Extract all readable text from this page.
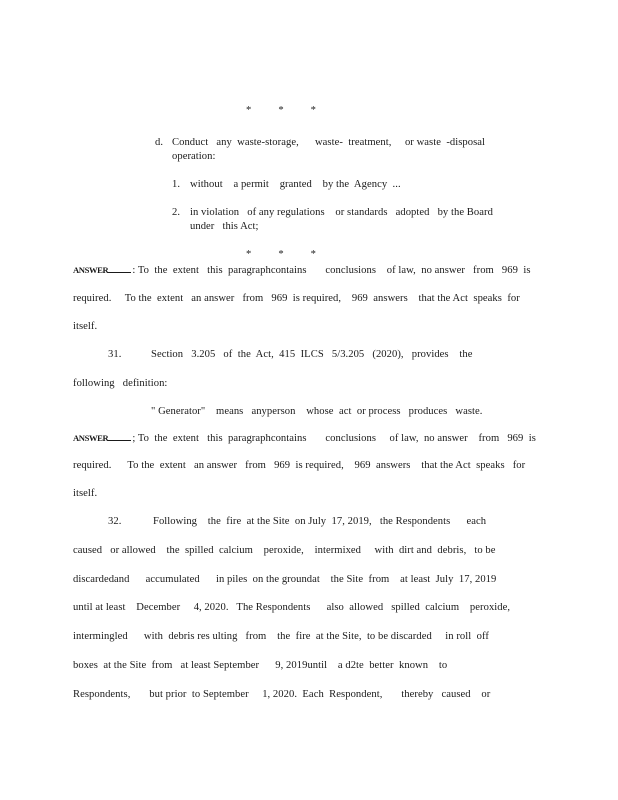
*          *          *
d. Conduct   any  waste-storage,      waste-  treatment,     or waste  -disposal
operation:
1. without    a permit    granted    by the  Agency  ...
2. in violation   of any regulations    or standards   adopted   by the Board
under   this Act;
*          *          *
ANSWER : To  the  extent   this  paragraphcontains       conclusions    of law,  no answer   from   969  is
required.     To the  extent   an answer   from   969  is required,    969  answers    that the Act  speaks  for
itself.
31.	Section   3.205   of  the  Act,  415  ILCS   5/3.205   (2020),   provides    the
following   definition:
" Generator"    means   anyperson    whose  act  or process   produces   waste.
ANSWER ; To  the  extent   this  paragraphcontains       conclusions     of law,  no answer    from   969  is
required.      To the  extent   an answer   from   969  is required,    969  answers    that the Act  speaks   for
itself.
32.	Following    the  fire  at the Site  on July  17, 2019,   the Respondents      each
caused   or allowed    the  spilled  calcium    peroxide,    intermixed     with  dirt and  debris,   to be
discardedand      accumulated      in piles  on the groundat    the Site  from    at least  July  17, 2019
until at least    December     4, 2020.   The Respondents      also  allowed   spilled  calcium    peroxide,
intermingled      with  debris res ulting   from    the  fire  at the Site,  to be discarded     in roll  off
boxes  at the Site  from   at least September      9, 2019until    a d2te  better  known    to
Respondents,       but prior  to September     1, 2020.  Each  Respondent,       thereby   caused    or
